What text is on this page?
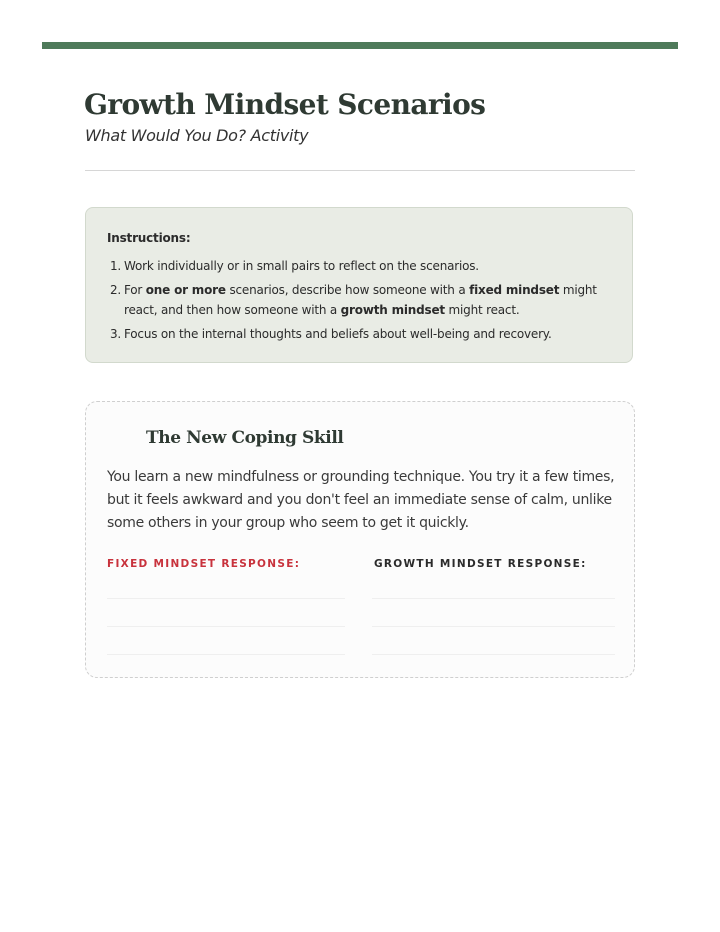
Growth Mindset Scenarios

What Would You Do? Activity

Instructions:

1. Work individually or in small pairs to reflect on the scenarios.
2. For one or more scenarios, describe how someone with a fixed mindset might react, and then how someone with a growth mindset might react.
3. Focus on the internal thoughts and beliefs about well-being and recovery.
The New Coping Skill

You learn a new mindfulness or grounding technique. You try it a few times, but it feels awkward and you don't feel an immediate sense of calm, unlike some others in your group who seem to get it quickly.

FIXED MINDSET RESPONSE:	GROWTH MINDSET RESPONSE:
